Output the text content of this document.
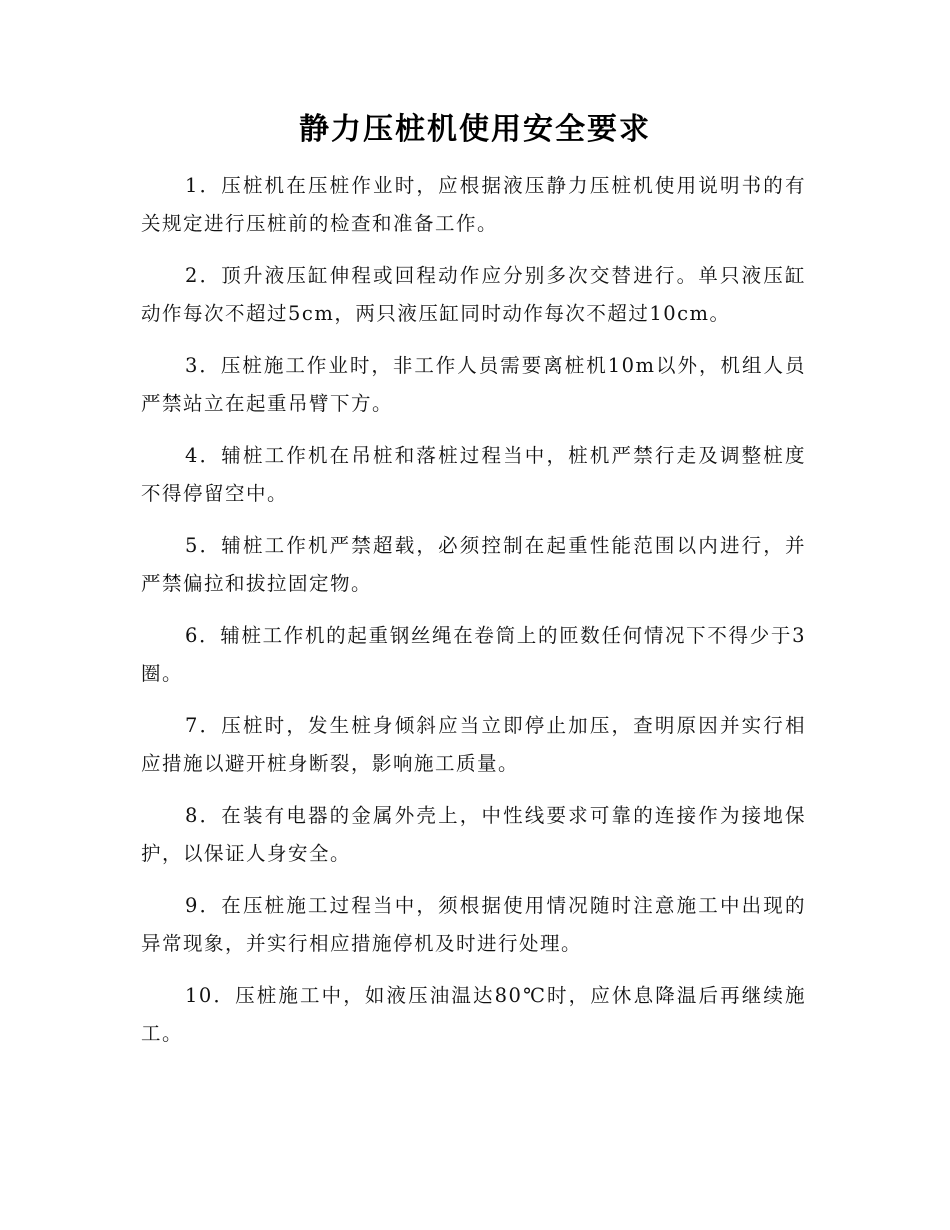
静力压桩机使用安全要求

1．压桩机在压桩作业时，应根据液压静力压桩机使用说明书的有关规定进行压桩前的检查和准备工作。

2．顶升液压缸伸程或回程动作应分别多次交替进行。单只液压缸动作每次不超过5cm，两只液压缸同时动作每次不超过10cm。

3．压桩施工作业时，非工作人员需要离桩机10m以外，机组人员严禁站立在起重吊臂下方。

4．辅桩工作机在吊桩和落桩过程当中，桩机严禁行走及调整桩度不得停留空中。

5．辅桩工作机严禁超载，必须控制在起重性能范围以内进行，并严禁偏拉和拔拉固定物。

6．辅桩工作机的起重钢丝绳在卷筒上的匝数任何情况下不得少于3圈。

7．压桩时，发生桩身倾斜应当立即停止加压，查明原因并实行相应措施以避开桩身断裂，影响施工质量。

8．在装有电器的金属外壳上，中性线要求可靠的连接作为接地保护，以保证人身安全。

9．在压桩施工过程当中，须根据使用情况随时注意施工中出现的异常现象，并实行相应措施停机及时进行处理。

10．压桩施工中，如液压油温达80℃时，应休息降温后再继续施工。
